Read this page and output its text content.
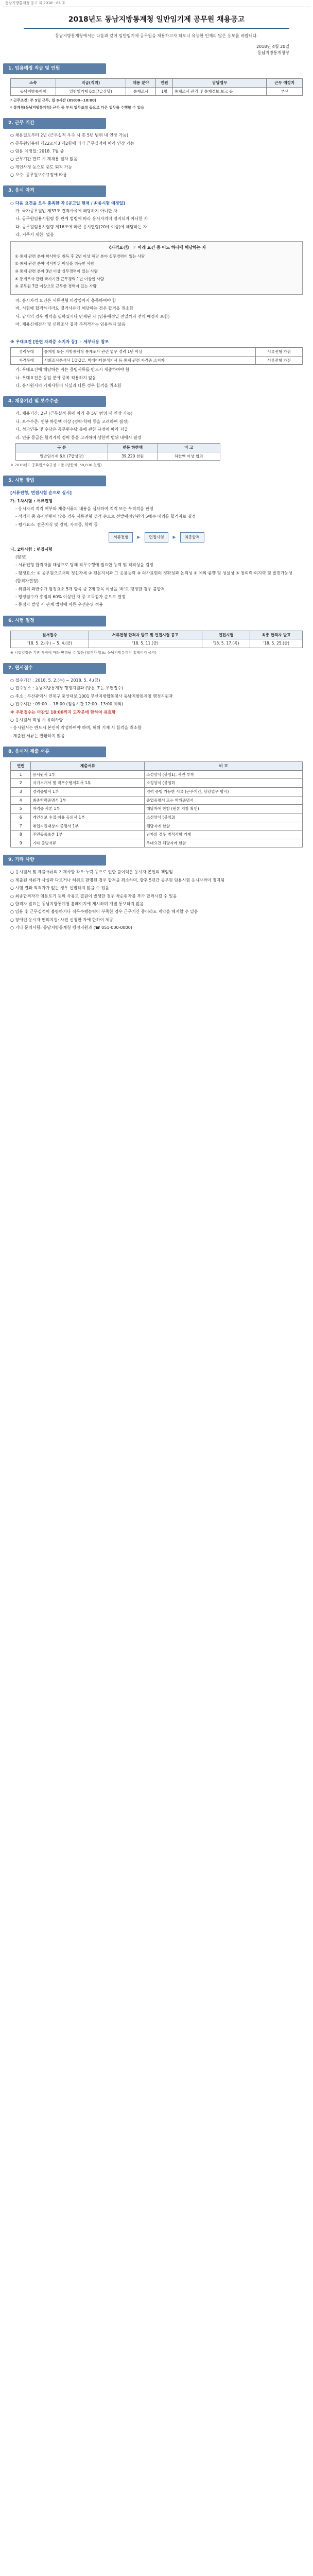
동남지방통계청 공고 제 2018 - 85 호
2018년도 동남지방통계청 일반임기제 공무원 채용공고

동남지방통계청에서는 다음과 같이 일반임기제 공무원을 채용하고자 하오니 유능한 인재의 많은 응모를 바랍니다.

2018년 4월 20일
동남지방통계청장
1. 임용예정 직급 및 인원
소속	직급(직위)	채용 분야	인원	담당업무	근무 예정지
동남지방통계청	일반임기제 6호(7급상당)	통계조사	1명	통계조사 관리 및 통계정보 보고 등	부산

* 근무조건: 주 5일 근무, 일 8시간 (09:00~18:00)

* 통계청(동남지방통계청) 근무 중 부서 업무조정 등으로 다른 업무를 수행할 수 있음

2. 근무 기간

○ 채용일로부터 2년 (근무실적 우수 시 총 5년 범위 내 연장 가능)

○ 공무원임용령 제22조의3 제2항에 따라 근무실적에 따라 연장 가능

○ 임용 예정일: 2018. 7월 중

○ 근무기간 만료 시 재채용 절차 없음

○ 개인사정 등으로 중도 퇴직 가능

○ 보수: 공무원보수규정에 따름

3. 응시 자격

○ 다음 요건을 모두 충족한 자 [공고일 현재 / 최종시험 예정일]

가. 국가공무원법 제33조 결격사유에 해당하지 아니한 자

나. 공무원임용시험령 등 관계 법령에 따라 응시자격이 정지되지 아니한 자

다. 공무원임용시험령 제16조에 따른 응시연령(20세 이상)에 해당하는 자

라. 거주지 제한: 없음

《자격요건》 ☞ 아래 요건 중 어느 하나에 해당하는 자

① 통계 관련 분야 학사학위 취득 후 2년 이상 해당 분야 실무경력이 있는 사람

② 통계 관련 분야 석사학위 이상을 취득한 사람

③ 통계 관련 분야 3년 이상 실무경력이 있는 사람

④ 통계조사 관련 국가기관 근무경력 1년 이상인 사람

⑤ 공무원 7급 이상으로 근무한 경력이 있는 사람

마. 응시자격 요건은 서류전형 마감일까지 충족하여야 함

바. 시험에 합격하더라도 결격사유에 해당하는 경우 합격을 취소함

사. 남자의 경우 병역을 필하였거나 면제된 자 (임용예정일 전일까지 전역 예정자 포함)

아. 채용신체검사 및 신원조사 결과 부적격자는 임용하지 않음

※ 우대요건 [관련 자격증 소지자 등] ☞ 세부내용 참조

경력우대	통계청 또는 지방통계청 통계조사 관련 업무 경력 1년 이상	서류전형 가점
자격우대	사회조사분석사 1급·2급, 빅데이터분석기사 등 통계 관련 자격증 소지자	서류전형 가점

가. 우대요건에 해당하는 자는 증빙서류를 반드시 제출하여야 함

나. 우대요건은 동일 분야 중복 적용하지 않음

다. 응시원서의 기재사항이 사실과 다른 경우 합격을 취소함

4. 채용기간 및 보수수준

가. 채용기간: 2년 (근무실적 등에 따라 총 5년 범위 내 연장 가능)

나. 보수수준: 연봉 하한액 이상 (경력·학력 등을 고려하여 결정)

다. 성과연봉 및 수당은 공무원수당 등에 관한 규정에 따라 지급

라. 연봉 등급은 합격자의 경력 등을 고려하여 상한액 범위 내에서 결정

구 분	연봉 하한액	비 고
일반임기제 6호 (7급상당)	39,220 천원	하한액 이상 협의

※ 2018년도 공무원보수규정 기준 (상한액: 58,830 천원)

5. 시험 방법

[서류전형, 면접시험 순으로 실시]

가. 1차시험 : 서류전형

- 응시자격 적격 여부와 제출서류의 내용을 심사하여 적격 또는 부적격을 판정

- 적격자 중 응시인원이 많을 경우 서류전형 성적 순으로 선발예정인원의 5배수 내외를 합격자로 결정

- 평가요소: 전문지식 및 경력, 자격증, 학력 등

서류전형	▶	면접시험	▶	최종합격

나. 2차시험 : 면접시험

(평정)

- 서류전형 합격자를 대상으로 당해 직무수행에 필요한 능력 및 적격성을 검정

- 평정요소: ① 공무원으로서의 정신자세 ② 전문지식과 그 응용능력 ③ 의사표현의 정확성과 논리성 ④ 예의·품행 및 성실성 ⑤ 창의력·의지력 및 발전가능성

(합격자결정)

- 위원의 과반수가 평정요소 5개 항목 중 2개 항목 이상을 '하'로 평정한 경우 불합격

- 평정점수가 총점의 60% 이상인 자 중 고득점자 순으로 결정

- 동점자 발생 시 관계 법령에 따른 우선순위 적용

6. 시험 일정
원서접수	서류전형 합격자 발표 및 면접시험 공고	면접시험	최종 합격자 발표
'18. 5. 2.(수) ~ 5. 4.(금)	'18. 5. 11.(금)	'18. 5. 17.(목)	'18. 5. 25.(금)

※ 시험일정은 기관 사정에 따라 변경될 수 있음 (합격자 발표: 동남지방통계청 홈페이지 공지)

7. 원서접수

○ 접수기간 : 2018. 5. 2.(수) ~ 2018. 5. 4.(금)

○ 접수장소 : 동남지방통계청 행정지원과 (방문 또는 우편접수)

○ 주소 : 부산광역시 연제구 중앙대로 1001 부산지방합동청사 동남지방통계청 행정지원과

○ 접수시간 : 09:00 ~ 18:00 (점심시간 12:00~13:00 제외)

※ 우편접수는 마감일 18:00까지 도착분에 한하여 유효함

○ 응시원서 작성 시 유의사항

- 응시원서는 반드시 본인이 작성하여야 하며, 허위 기재 시 합격을 취소함

- 제출된 서류는 반환하지 않음

8. 응시자 제출 서류
연번	제출서류	비 고
1	응시원서 1부	소정양식 (붙임1), 사진 부착
2	자기소개서 및 직무수행계획서 1부	소정양식 (붙임2)
3	경력증명서 1부	경력 증빙 가능한 서류 (근무기간, 담당업무 명시)
4	최종학력증명서 1부	졸업증명서 또는 학위증명서
5	자격증 사본 1부	해당자에 한함 (원본 지참 확인)
6	개인정보 수집·이용 동의서 1부	소정양식 (붙임3)
7	취업지원대상자 증명서 1부	해당자에 한함
8	주민등록초본 1부	남자의 경우 병적사항 기재
9	기타 증빙서류	우대요건 해당자에 한함
9. 기타 사항

○ 응시원서 및 제출서류의 기재사항 착오·누락 등으로 인한 불이익은 응시자 본인의 책임임

○ 제출된 서류가 사실과 다르거나 허위로 판명된 경우 합격을 취소하며, 향후 5년간 공무원 임용시험 응시자격이 정지됨

○ 시험 결과 적격자가 없는 경우 선발하지 않을 수 있음

○ 최종합격자가 임용포기 등의 사유로 결원이 발생한 경우 차순위자를 추가 합격시킬 수 있음

○ 합격자 발표는 동남지방통계청 홈페이지에 게시하며 개별 통보하지 않음

○ 임용 후 근무실적이 불량하거나 직무수행능력이 부족한 경우 근무기간 중이라도 계약을 해지할 수 있음

○ 장애인 응시자 편의지원: 사전 신청한 자에 한하여 제공

○ 기타 문의사항: 동남지방통계청 행정지원과 (☎ 051-000-0000)
